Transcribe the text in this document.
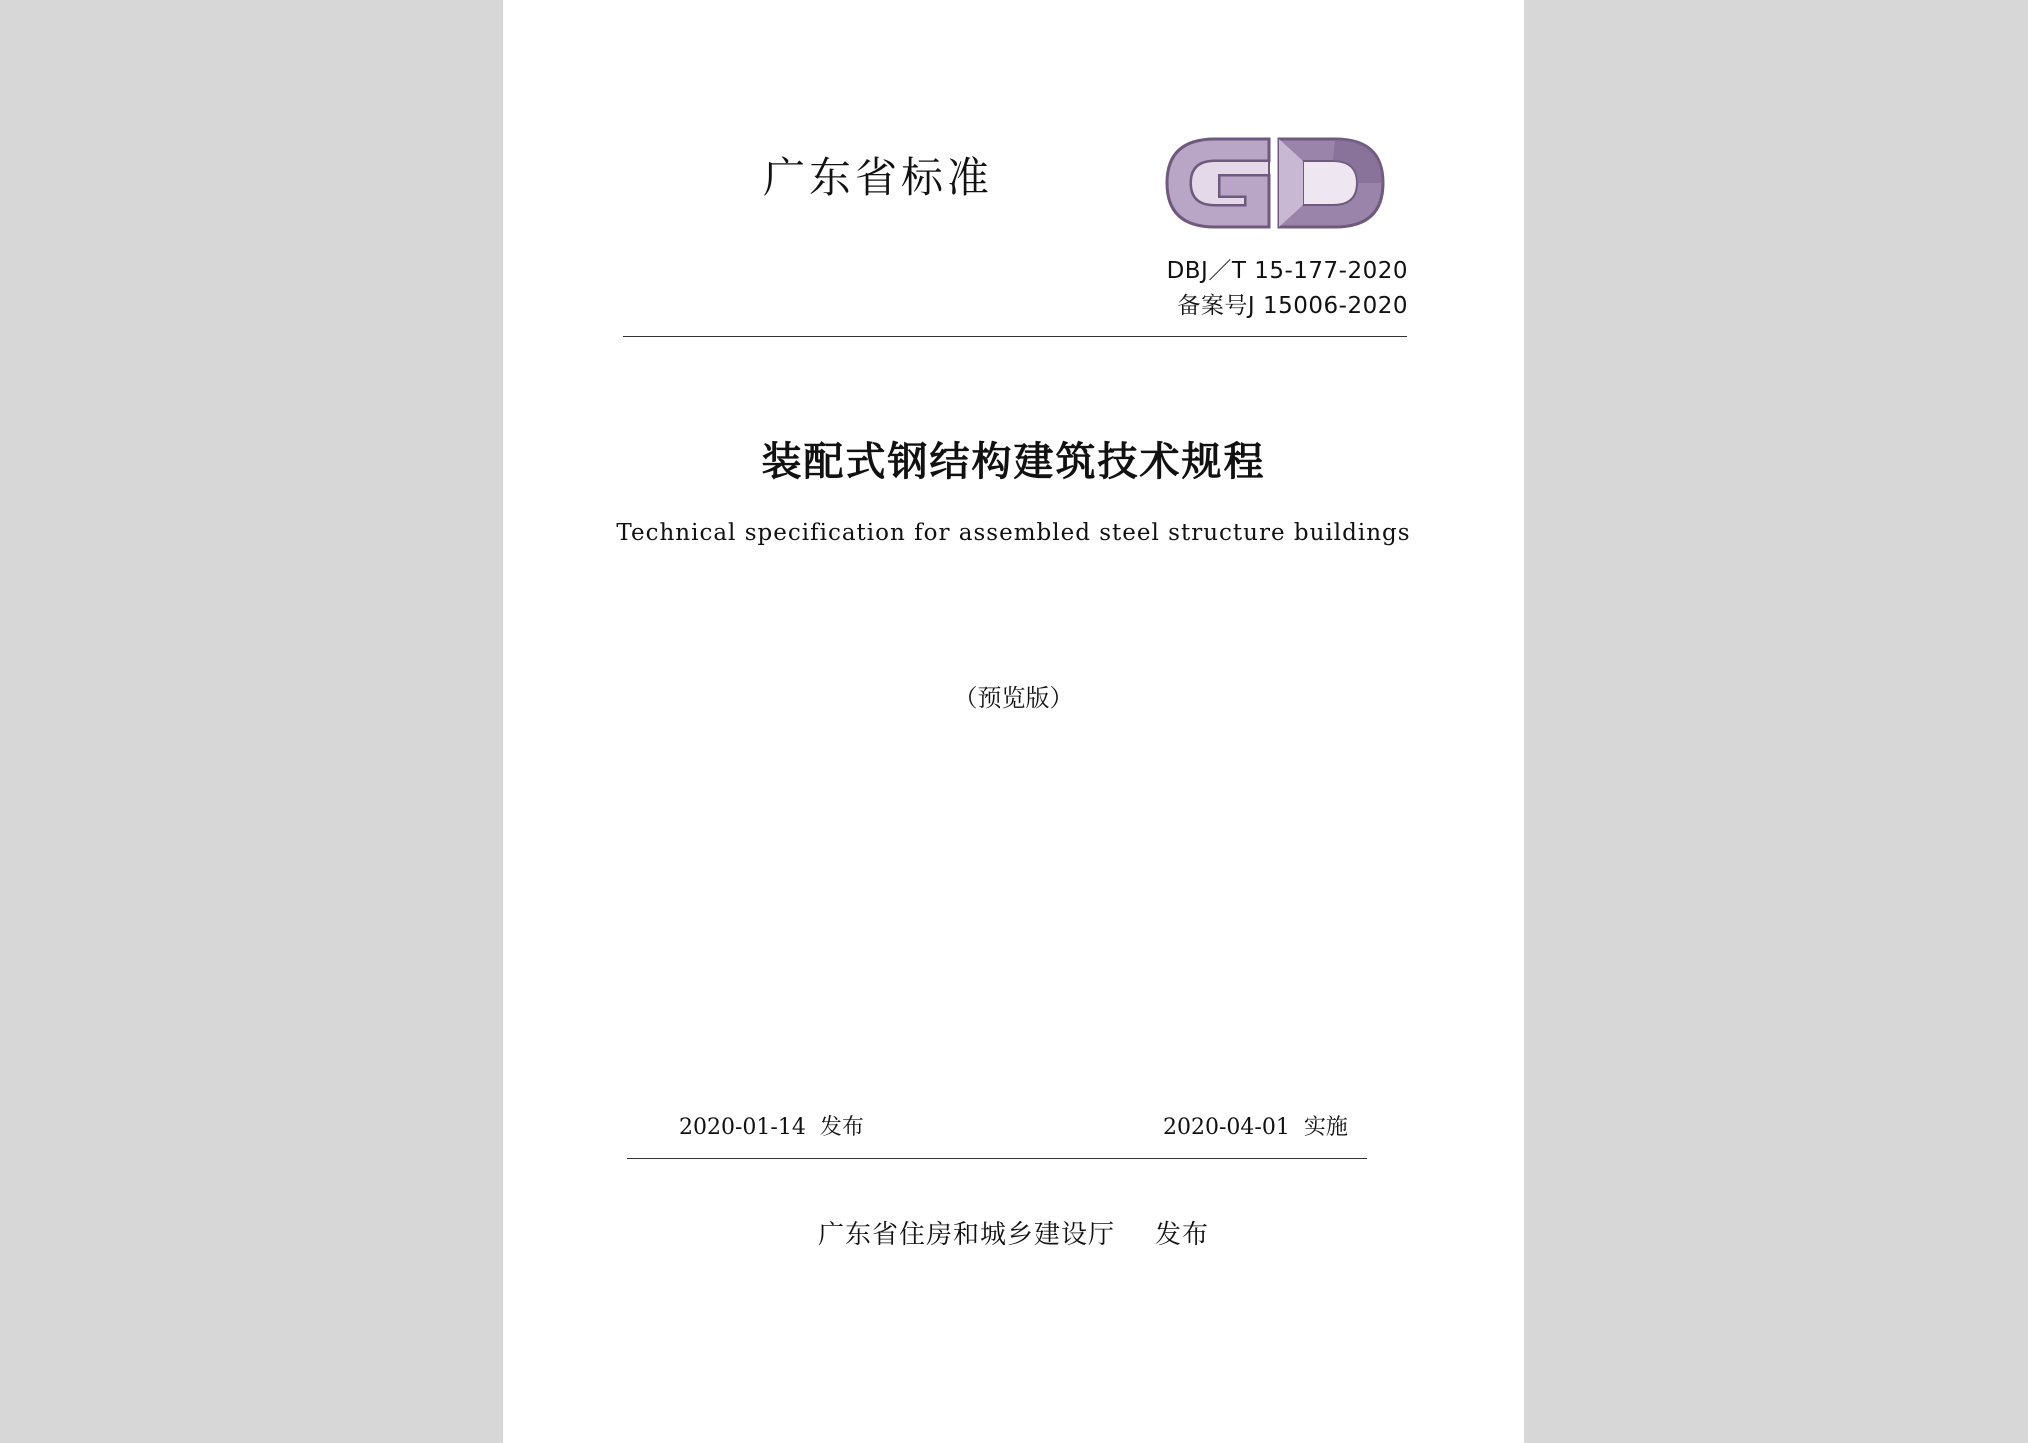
广东省标准
DBJ／T 15-177-2020
备案号J 15006-2020
装配式钢结构建筑技术规程
Technical specification for assembled steel structure buildings
（预览版）
2020-01-14 发布	2020-04-01 实施
广东省住房和城乡建设厅 发布
